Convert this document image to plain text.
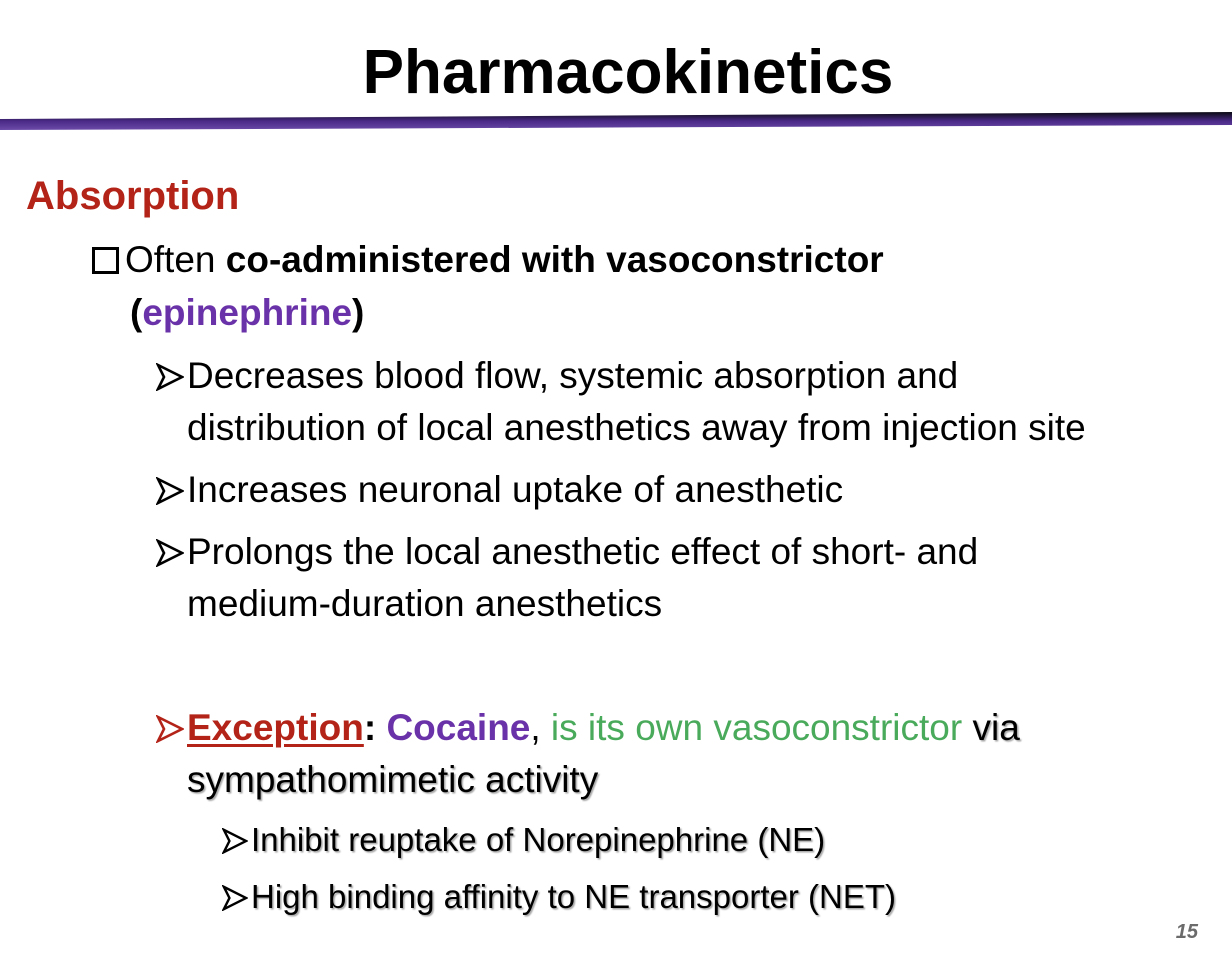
Pharmacokinetics
Absorption
Often co-administered with vasoconstrictor
(epinephrine)
Decreases blood flow, systemic absorption and
distribution of local anesthetics away from injection site
Increases neuronal uptake of anesthetic
Prolongs the local anesthetic effect of short- and
medium-duration anesthetics
Exception: Cocaine, is its own vasoconstrictor via
sympathomimetic activity
Inhibit reuptake of Norepinephrine (NE)
High binding affinity to NE transporter (NET)
15
